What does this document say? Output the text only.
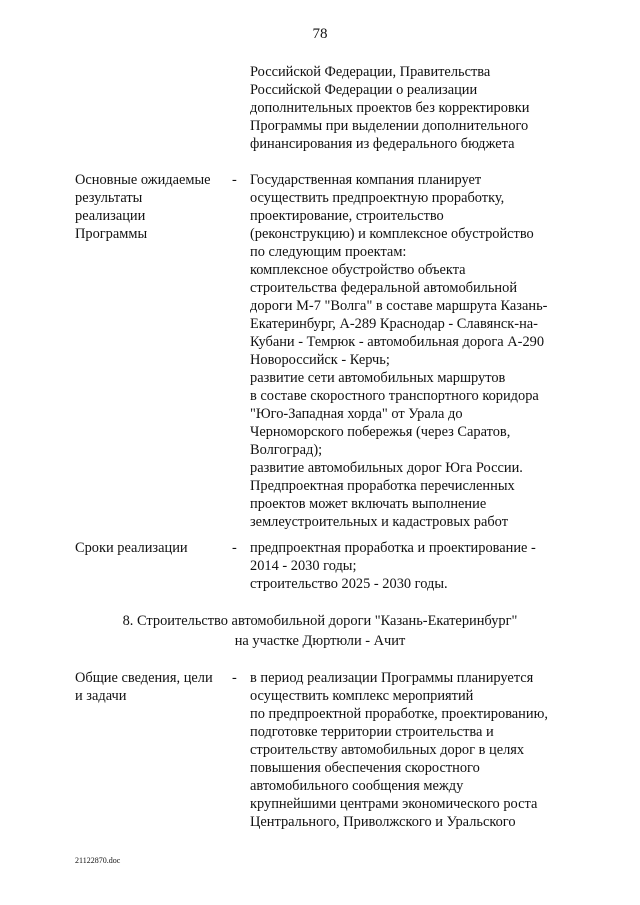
78
21122870.doc
Российской Федерации, Правительства
Российской Федерации о реализации
дополнительных проектов без корректировки
Программы при выделении дополнительного
финансирования из федерального бюджета
Основные ожидаемые
результаты
реализации
Программы
- Государственная компания планирует
осуществить предпроектную проработку,
проектирование, строительство
(реконструкцию) и комплексное обустройство
по следующим проектам:
комплексное обустройство объекта
строительства федеральной автомобильной
дороги М-7 "Волга" в составе маршрута Казань-
Екатеринбург, А-289 Краснодар - Славянск-на-
Кубани - Темрюк - автомобильная дорога А-290
Новороссийск - Керчь;
развитие сети автомобильных маршрутов
в составе скоростного транспортного коридора
"Юго-Западная хорда" от Урала до
Черноморского побережья (через Саратов,
Волгоград);
развитие автомобильных дорог Юга России.
Предпроектная проработка перечисленных
проектов может включать выполнение
землеустроительных и кадастровых работ
Сроки реализации	- предпроектная проработка и проектирование -
2014 - 2030 годы;
строительство 2025 - 2030 годы.
Общие сведения, цели
и задачи
- в период реализации Программы планируется
осуществить комплекс мероприятий
по предпроектной проработке, проектированию,
подготовке территории строительства и
строительству автомобильных дорог в целях
повышения обеспечения скоростного
автомобильного сообщения между
крупнейшими центрами экономического роста
Центрального, Приволжского и Уральского
8. Строительство автомобильной дороги "Казань-Екатеринбург"
на участке Дюртюли - Ачит
